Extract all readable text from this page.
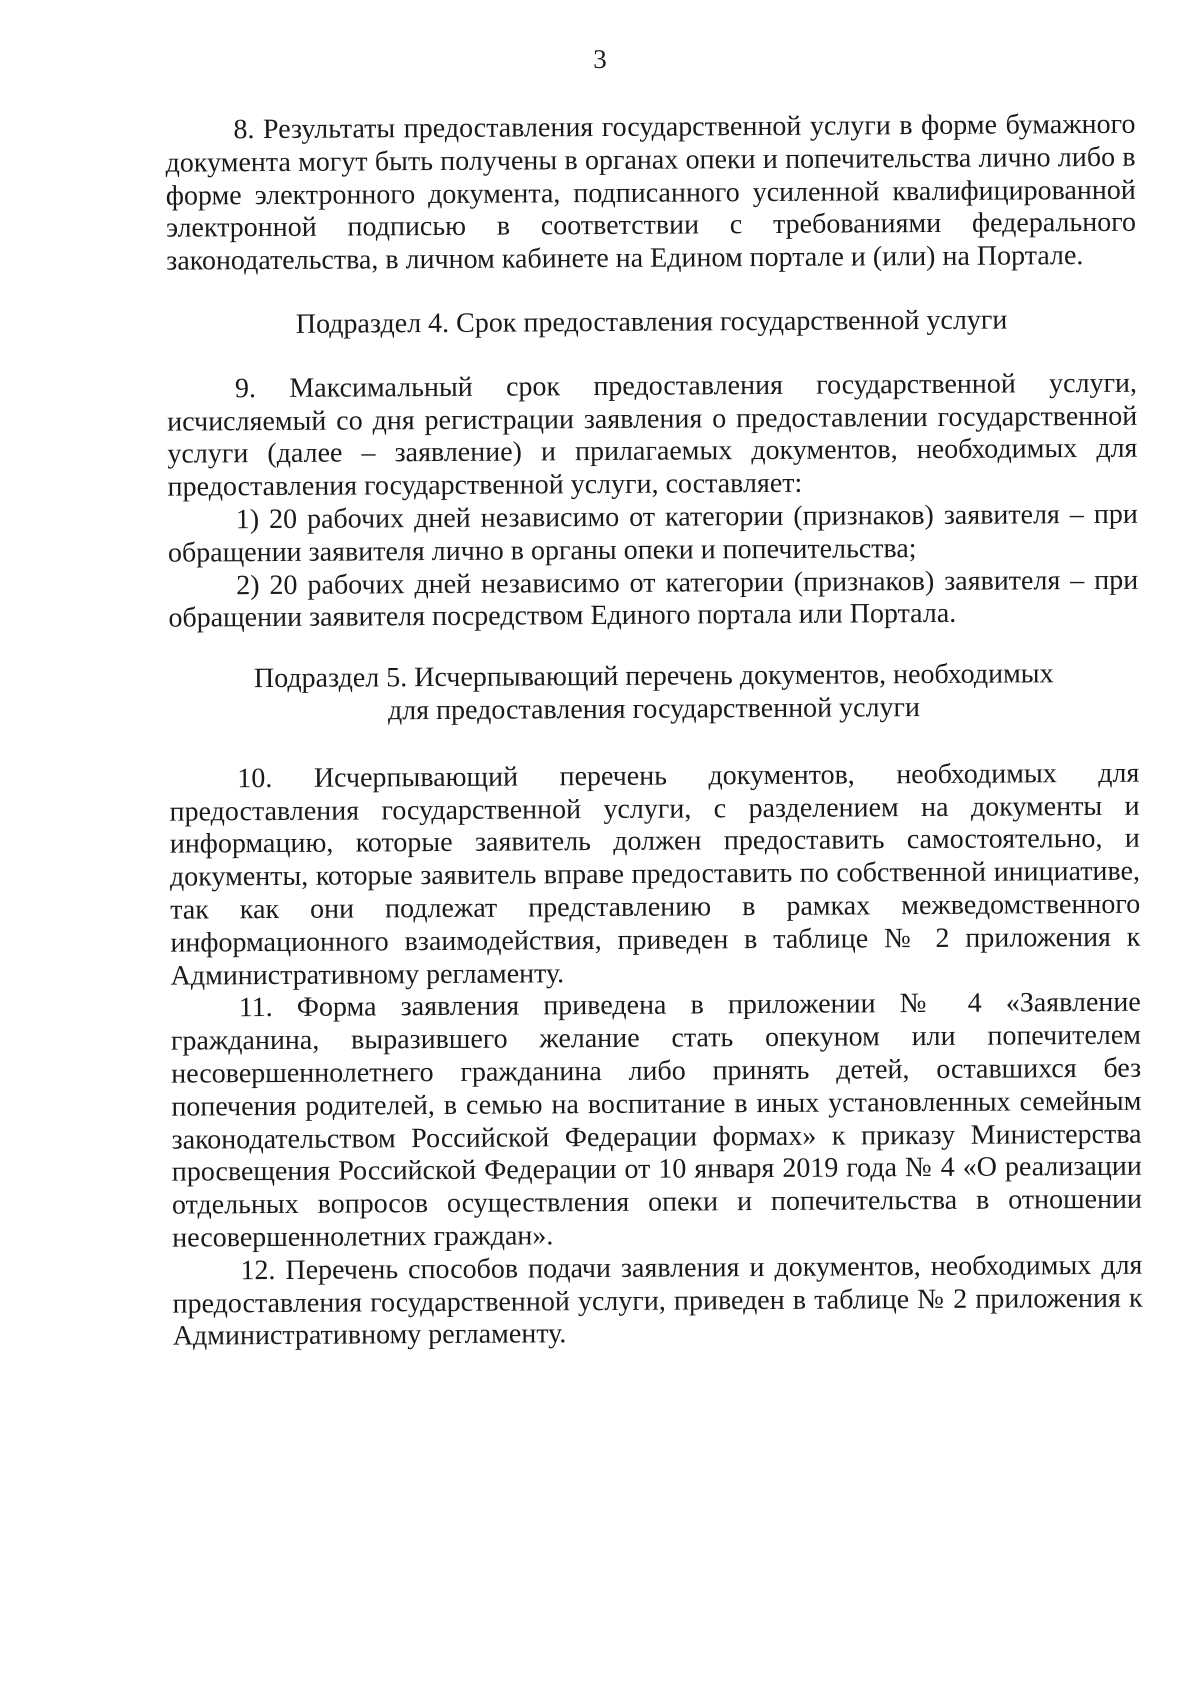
3

8. Результаты предоставления государственной услуги в форме бумажного документа могут быть получены в органах опеки и попечительства лично либо в форме электронного документа, подписанного усиленной квалифицированной электронной подписью в соответствии с требованиями федерального законодательства, в личном кабинете на Едином портале и (или) на Портале.

Подраздел 4. Срок предоставления государственной услуги

9. Максимальный срок предоставления государственной услуги, исчисляемый со дня регистрации заявления о предоставлении государственной услуги (далее – заявление) и прилагаемых документов, необходимых для предоставления государственной услуги, составляет:

1) 20 рабочих дней независимо от категории (признаков) заявителя – при обращении заявителя лично в органы опеки и попечительства;

2) 20 рабочих дней независимо от категории (признаков) заявителя – при обращении заявителя посредством Единого портала или Портала.

Подраздел 5. Исчерпывающий перечень документов, необходимых
для предоставления государственной услуги

10. Исчерпывающий перечень документов, необходимых для предоставления государственной услуги, с разделением на документы и информацию, которые заявитель должен предоставить самостоятельно, и документы, которые заявитель вправе предоставить по собственной инициативе, так как они подлежат представлению в рамках межведомственного информационного взаимодействия, приведен в таблице № 2 приложения к Административному регламенту.

11. Форма заявления приведена в приложении № 4 «Заявление гражданина, выразившего желание стать опекуном или попечителем несовершеннолетнего гражданина либо принять детей, оставшихся без попечения родителей, в семью на воспитание в иных установленных семейным законодательством Российской Федерации формах» к приказу Министерства просвещения Российской Федерации от 10 января 2019 года № 4 «О реализации отдельных вопросов осуществления опеки и попечительства в отношении несовершеннолетних граждан».

12. Перечень способов подачи заявления и документов, необходимых для предоставления государственной услуги, приведен в таблице № 2 приложения к Административному регламенту.
